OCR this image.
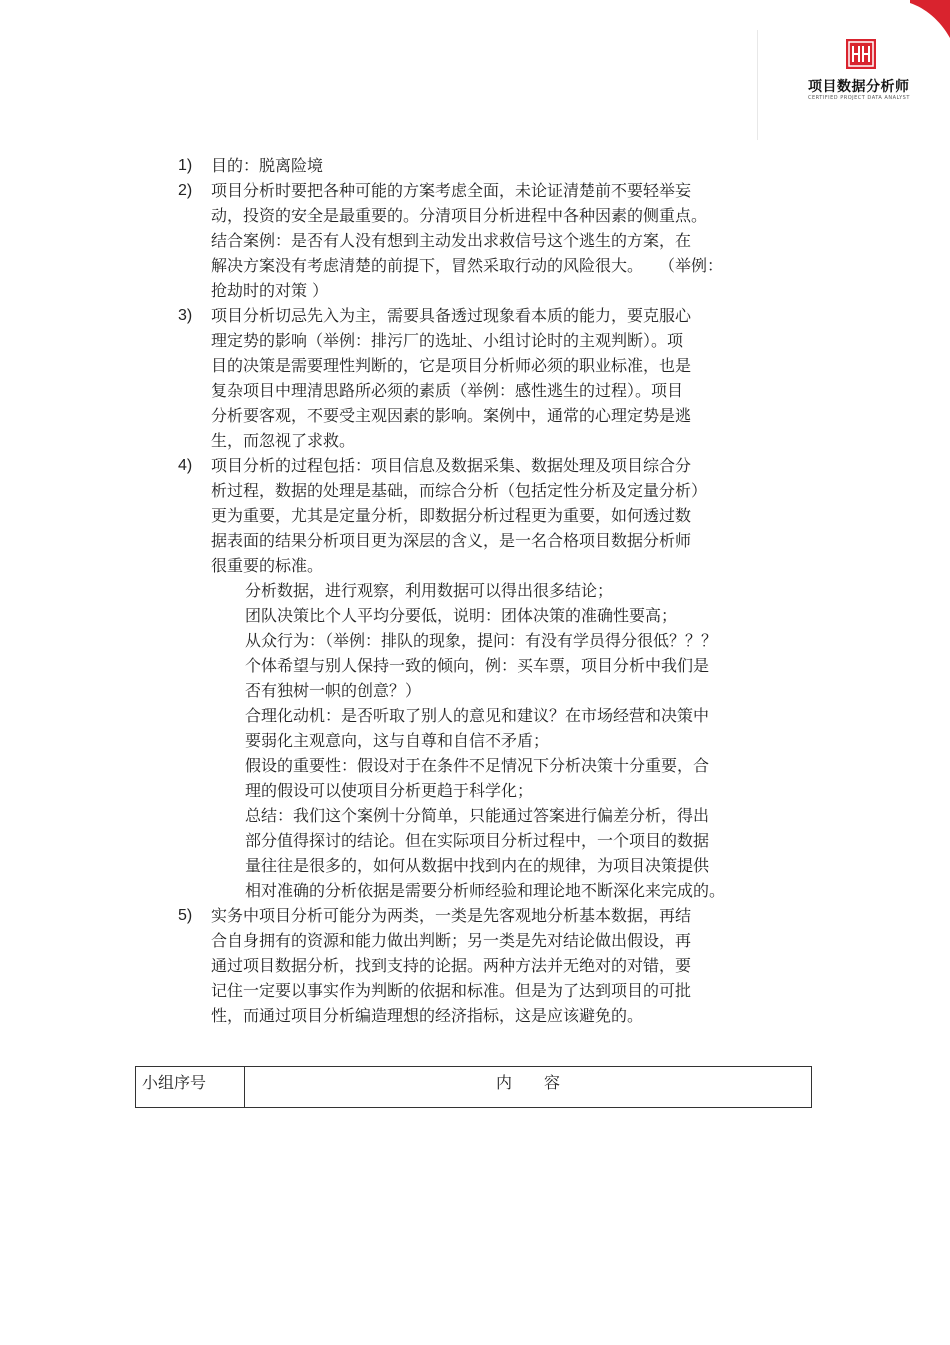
项目数据分析师
CERTIFIED PROJECT DATA ANALYST
1) 目的：脱离险境

2) 项目分析时要把各种可能的方案考虑全面，未论证清楚前不要轻举妄

动，投资的安全是最重要的。分清项目分析进程中各种因素的侧重点。

结合案例：是否有人没有想到主动发出求救信号这个逃生的方案，在

解决方案没有考虑清楚的前提下，冒然采取行动的风险很大。　　（举例：

抢劫时的对策 ）

3) 项目分析切忌先入为主，需要具备透过现象看本质的能力，要克服心

理定势的影响（举例：排污厂的选址、小组讨论时的主观判断）。项

目的决策是需要理性判断的，它是项目分析师必须的职业标准，也是

复杂项目中理清思路所必须的素质（举例：感性逃生的过程）。项目

分析要客观，不要受主观因素的影响。案例中，通常的心理定势是逃

生，而忽视了求救。

4) 项目分析的过程包括：项目信息及数据采集、数据处理及项目综合分

析过程，数据的处理是基础，而综合分析（包括定性分析及定量分析）

更为重要，尤其是定量分析，即数据分析过程更为重要，如何透过数

据表面的结果分析项目更为深层的含义，是一名合格项目数据分析师

很重要的标准。

分析数据，进行观察，利用数据可以得出很多结论；

团队决策比个人平均分要低，说明：团体决策的准确性要高；

从众行为：（举例：排队的现象，提问：有没有学员得分很低？？？

个体希望与别人保持一致的倾向，例：买车票，项目分析中我们是

否有独树一帜的创意？）

合理化动机：是否听取了别人的意见和建议？在市场经营和决策中

要弱化主观意向，这与自尊和自信不矛盾；

假设的重要性：假设对于在条件不足情况下分析决策十分重要，合

理的假设可以使项目分析更趋于科学化；

总结：我们这个案例十分简单，只能通过答案进行偏差分析，得出

部分值得探讨的结论。但在实际项目分析过程中，一个项目的数据

量往往是很多的，如何从数据中找到内在的规律，为项目决策提供

相对准确的分析依据是需要分析师经验和理论地不断深化来完成的。

5) 实务中项目分析可能分为两类，一类是先客观地分析基本数据，再结

合自身拥有的资源和能力做出判断；另一类是先对结论做出假设，再

通过项目数据分析，找到支持的论据。两种方法并无绝对的对错，要

记住一定要以事实作为判断的依据和标准。但是为了达到项目的可批

性，而通过项目分析编造理想的经济指标，这是应该避免的。

小组序号	内　　容
